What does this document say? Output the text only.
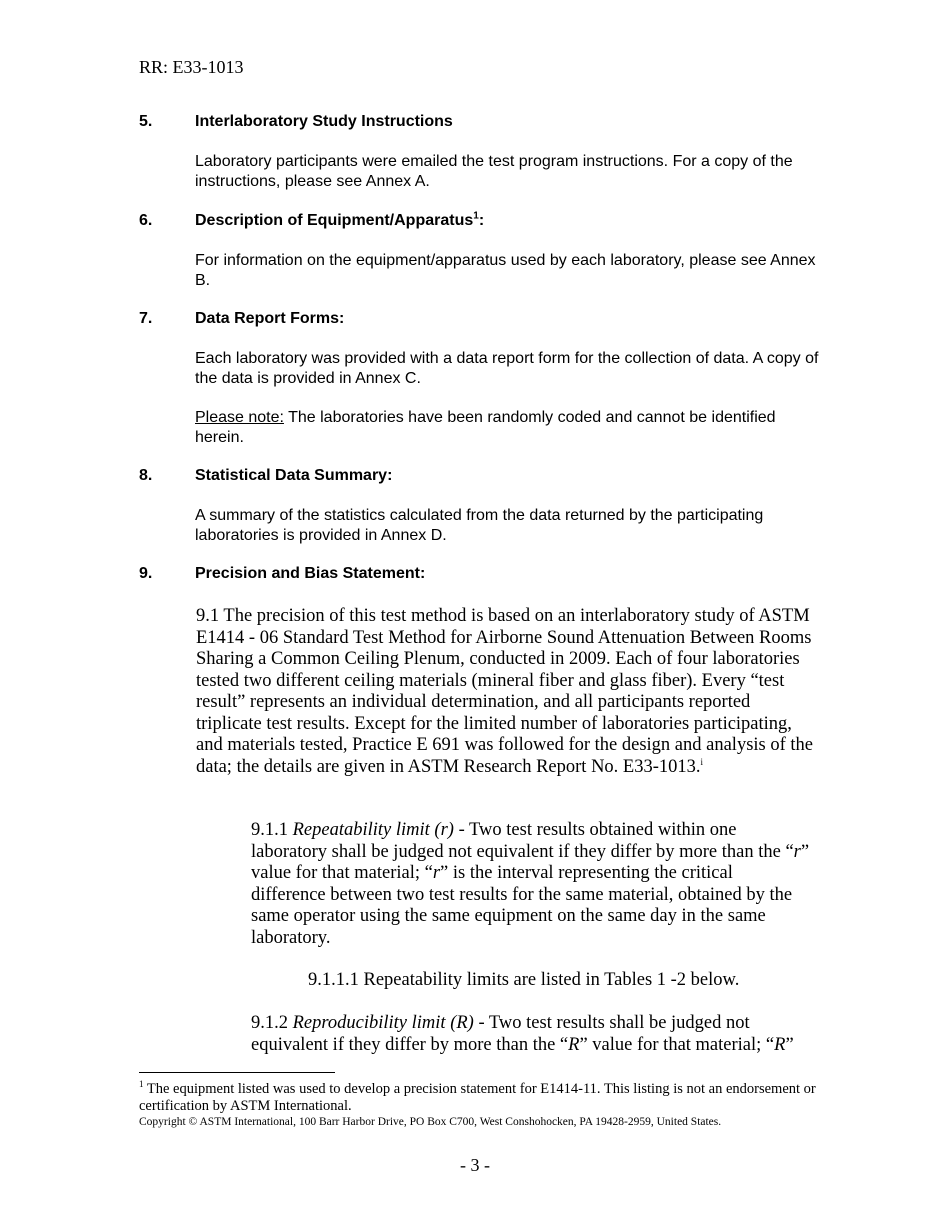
RR: E33-1013
5.	Interlaboratory Study Instructions
Laboratory participants were emailed the test program instructions. For a copy of the instructions, please see Annex A.
6.	Description of Equipment/Apparatus$^1$:
For information on the equipment/apparatus used by each laboratory, please see Annex B.
7.	Data Report Forms:
Each laboratory was provided with a data report form for the collection of data. A copy of the data is provided in Annex C.
Please note: The laboratories have been randomly coded and cannot be identified herein.
8.	Statistical Data Summary:
A summary of the statistics calculated from the data returned by the participating laboratories is provided in Annex D.
9.	Precision and Bias Statement:
9.1 The precision of this test method is based on an interlaboratory study of ASTM E1414 - 06 Standard Test Method for Airborne Sound Attenuation Between Rooms Sharing a Common Ceiling Plenum, conducted in 2009. Each of four laboratories tested two different ceiling materials (mineral fiber and glass fiber). Every “test result” represents an individual determination, and all participants reported triplicate test results. Except for the limited number of laboratories participating, and materials tested, Practice E 691 was followed for the design and analysis of the data; the details are given in ASTM Research Report No. E33-1013.$^i$
9.1.1 Repeatability limit (r) - Two test results obtained within one laboratory shall be judged not equivalent if they differ by more than the “r” value for that material; “r” is the interval representing the critical difference between two test results for the same material, obtained by the same operator using the same equipment on the same day in the same laboratory.
9.1.1.1 Repeatability limits are listed in Tables 1 -2 below.
9.1.2 Reproducibility limit (R) - Two test results shall be judged not equivalent if they differ by more than the “R” value for that material; “R”
$^1$ The equipment listed was used to develop a precision statement for E1414-11. This listing is not an endorsement or certification by ASTM International.
Copyright © ASTM International, 100 Barr Harbor Drive, PO Box C700, West Conshohocken, PA 19428-2959, United States.
- 3 -
